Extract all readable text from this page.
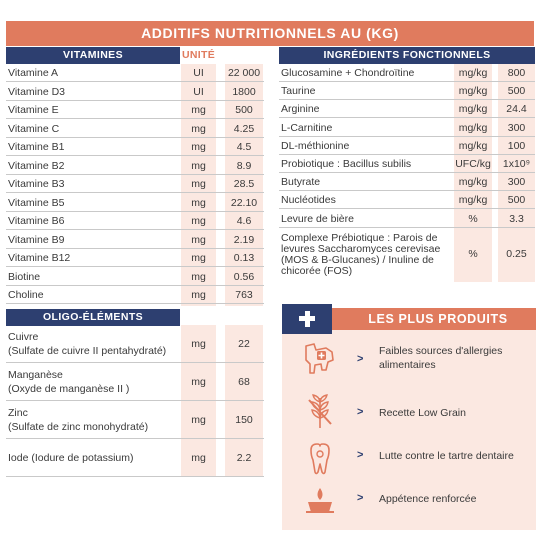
ADDITIFS NUTRITIONNELS AU (KG)
VITAMINES	UNITÉ
Vitamine A	UI	22 000
Vitamine D3	UI	1800
Vitamine E	mg	500
Vitamine C	mg	4.25
Vitamine B1	mg	4.5
Vitamine B2	mg	8.9
Vitamine B3	mg	28.5
Vitamine B5	mg	22.10
Vitamine B6	mg	4.6
Vitamine B9	mg	2.19
Vitamine B12	mg	0.13
Biotine	mg	0.56
Choline	mg	763
INGRÉDIENTS FONCTIONNELS
Glucosamine + Chondroïtine	mg/kg	800
Taurine	mg/kg	500
Arginine	mg/kg	24.4
L-Carnitine	mg/kg	300
DL-méthionine	mg/kg	100
Probiotique : Bacillus subilis	UFC/kg	1x10⁹
Butyrate	mg/kg	300
Nucléotides	mg/kg	500
Levure de bière	%	3.3
Complexe Prébiotique : Parois de
levures Saccharomyces cerevisae
(MOS & B-Glucanes) / Inuline de
chicorée (FOS)
%	0.25
OLIGO-ÉLÉMENTS
Cuivre
(Sulfate de cuivre II pentahydraté)
mg	22
Manganèse
(Oxyde de manganèse II )
mg	68
Zinc
(Sulfate de zinc monohydraté)
mg	150
Iode (Iodure de potassium)	mg	2.2
LES PLUS PRODUITS
>
Faibles sources d'allergies alimentaires
> Recette Low Grain
> Lutte contre le tartre dentaire
> Appétence renforcée
